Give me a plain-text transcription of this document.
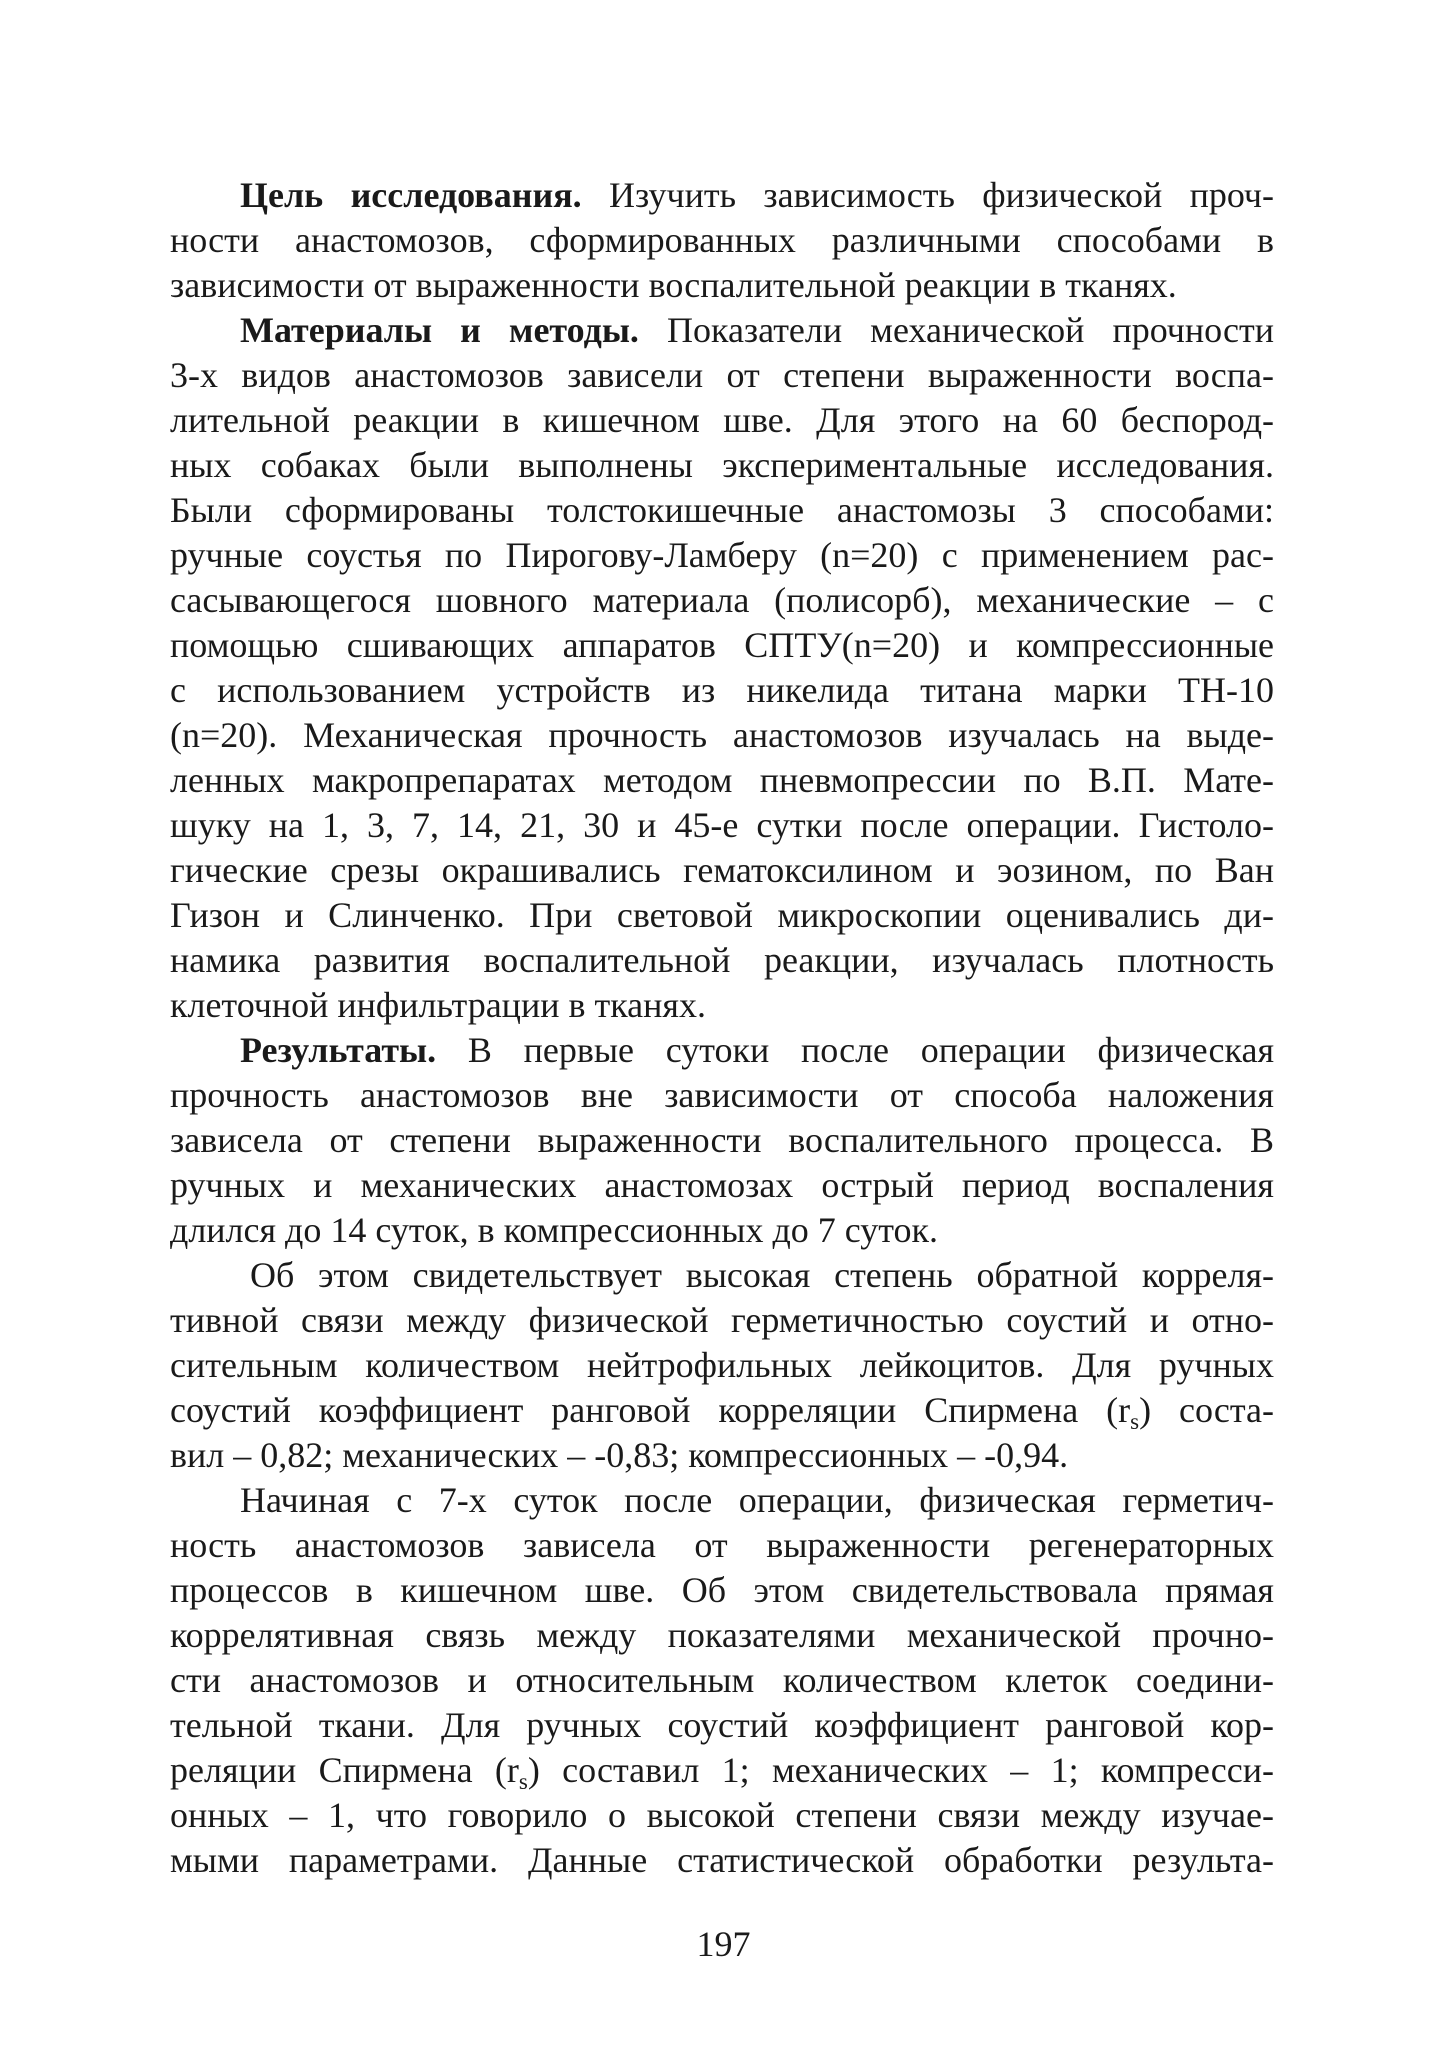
Цель исследования. Изучить зависимость физической проч-
ности анастомозов, сформированных различными способами в
зависимости от выраженности воспалительной реакции в тканях.

Материалы и методы. Показатели механической прочности
3-х видов анастомозов зависели от степени выраженности воспа-
лительной реакции в кишечном шве. Для этого на 60 беспород-
ных собаках были выполнены экспериментальные исследования.
Были сформированы толстокишечные анастомозы 3 способами:
ручные соустья по Пирогову-Ламберу (n=20) с применением рас-
сасывающегося шовного материала (полисорб), механические – с
помощью сшивающих аппаратов СПТУ(n=20) и компрессионные
с использованием устройств из никелида титана марки ТН-10
(n=20). Механическая прочность анастомозов изучалась на выде-
ленных макропрепаратах методом пневмопрессии по В.П. Мате-
шуку на 1, 3, 7, 14, 21, 30 и 45-е сутки после операции. Гистоло-
гические срезы окрашивались гематоксилином и эозином, по Ван
Гизон и Слинченко. При световой микроскопии оценивались ди-
намика развития воспалительной реакции, изучалась плотность
клеточной инфильтрации в тканях.

Результаты. В первые сутоки после операции физическая
прочность анастомозов вне зависимости от способа наложения
зависела от степени выраженности воспалительного процесса. В
ручных и механических анастомозах острый период воспаления
длился до 14 суток, в компрессионных до 7 суток.

Об этом свидетельствует высокая степень обратной корреля-
тивной связи между физической герметичностью соустий и отно-
сительным количеством нейтрофильных лейкоцитов. Для ручных
соустий коэффициент ранговой корреляции Спирмена $(r_s)$ соста-
вил – 0,82; механических – -0,83; компрессионных – -0,94.

Начиная с 7-х суток после операции, физическая герметич-
ность анастомозов зависела от выраженности регенераторных
процессов в кишечном шве. Об этом свидетельствовала прямая
коррелятивная связь между показателями механической прочно-
сти анастомозов и относительным количеством клеток соедини-
тельной ткани. Для ручных соустий коэффициент ранговой кор-
реляции Спирмена $(r_s)$ составил 1; механических – 1; компресси-
онных – 1, что говорило о высокой степени связи между изучае-
мыми параметрами. Данные статистической обработки результа-

197
